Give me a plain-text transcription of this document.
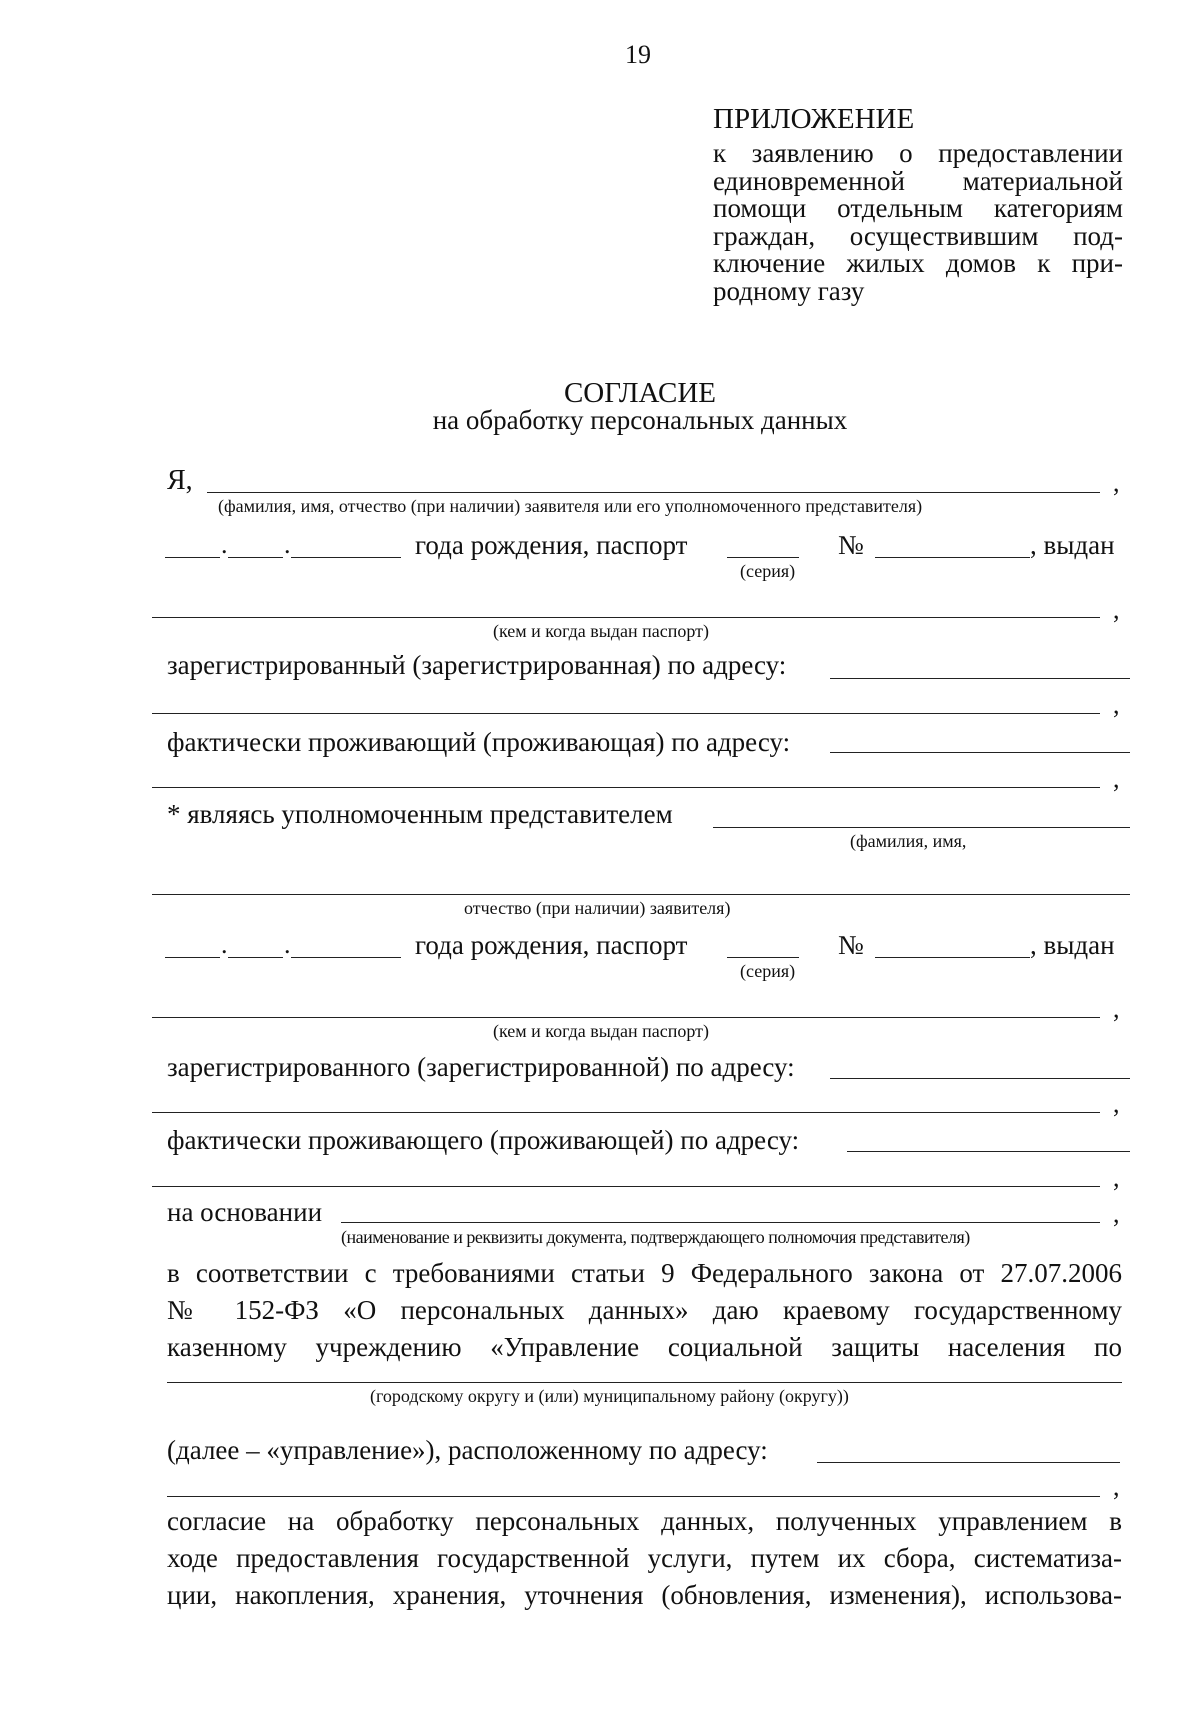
19
ПРИЛОЖЕНИЕ
к заявлению о предоставлении
единовременной материальной
помощи отдельным категориям
граждан, осуществившим под-
ключение жилых домов к при-
родному газу
СОГЛАСИЕ
на обработку персональных данных
Я,	,
(фамилия, имя, отчество (при наличии) заявителя или его уполномоченного представителя)
. .	года рождения, паспорт	№	, выдан
(серия)
,
(кем и когда выдан паспорт)
зарегистрированный (зарегистрированная) по адресу:
,
фактически проживающий (проживающая) по адресу:
,
* являясь уполномоченным представителем
(фамилия, имя,
отчество (при наличии) заявителя)
. .	года рождения, паспорт	№	, выдан
(серия)
,
(кем и когда выдан паспорт)
зарегистрированного (зарегистрированной) по адресу:
,
фактически проживающего (проживающей) по адресу:
,
на основании	,
(наименование и реквизиты документа, подтверждающего полномочия представителя)
в соответствии с требованиями статьи 9 Федерального закона от 27.07.2006
№ 152-ФЗ «О персональных данных» даю краевому государственному
казенному учреждению «Управление социальной защиты населения по
(городскому округу и (или) муниципальному району (округу))
(далее – «управление»), расположенному по адресу:
,
согласие на обработку персональных данных, полученных управлением в
ходе предоставления государственной услуги, путем их сбора, систематиза-
ции, накопления, хранения, уточнения (обновления, изменения), использова-
